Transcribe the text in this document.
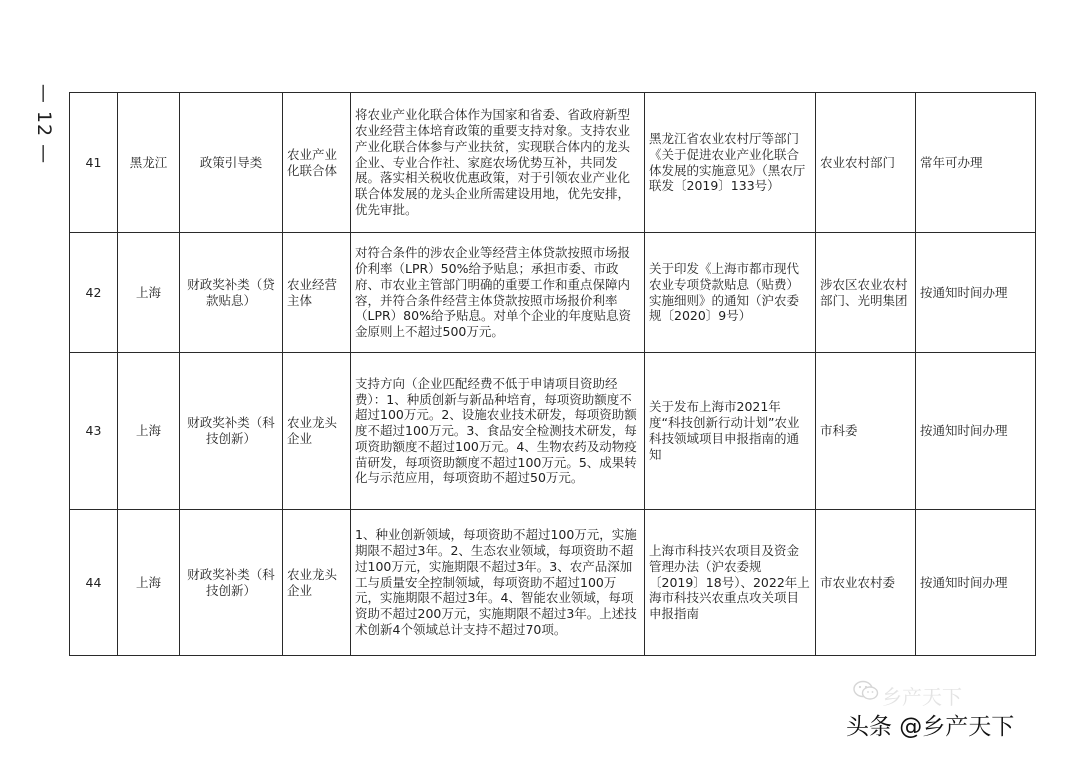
— 12 —	41	黑龙江	政策引导类	农业产业化联合体	将农业产业化联合体作为国家和省委、省政府新型农业经营主体培育政策的重要支持对象。支持农业产业化联合体参与产业扶贫，实现联合体内的龙头企业、专业合作社、家庭农场优势互补，共同发展。落实相关税收优惠政策，对于引领农业产业化联合体发展的龙头企业所需建设用地，优先安排，优先审批。	黑龙江省农业农村厅等部门《关于促进农业产业化联合体发展的实施意见》（黑农厅联发〔2019〕133号）	农业农村部门	常年可办理
42	上海	财政奖补类（贷款贴息）	农业经营主体	对符合条件的涉农企业等经营主体贷款按照市场报价利率（LPR）50%给予贴息；承担市委、市政府、市农业主管部门明确的重要工作和重点保障内容，并符合条件经营主体贷款按照市场报价利率（LPR）80%给予贴息。对单个企业的年度贴息资金原则上不超过500万元。	关于印发《上海市都市现代农业专项贷款贴息（贴费）实施细则》的通知（沪农委规〔2020〕9号）	涉农区农业农村部门、光明集团	按通知时间办理
43	上海	财政奖补类（科技创新）	农业龙头企业	支持方向（企业匹配经费不低于申请项目资助经费）：1、种质创新与新品种培育，每项资助额度不超过100万元。2、设施农业技术研发，每项资助额度不超过100万元。3、食品安全检测技术研发，每项资助额度不超过100万元。4、生物农药及动物疫苗研发，每项资助额度不超过100万元。5、成果转化与示范应用，每项资助不超过50万元。	关于发布上海市2021年度“科技创新行动计划”农业科技领域项目申报指南的通知	市科委	按通知时间办理
44	上海	财政奖补类（科技创新）	农业龙头企业	1、种业创新领域，每项资助不超过100万元，实施期限不超过3年。2、生态农业领域，每项资助不超过100万元，实施期限不超过3年。3、农产品深加工与质量安全控制领域，每项资助不超过100万元，实施期限不超过3年。4、智能农业领域，每项资助不超过200万元，实施期限不超过3年。上述技术创新4个领域总计支持不超过70项。	上海市科技兴农项目及资金管理办法（沪农委规〔2019〕18号）、2022年上海市科技兴农重点攻关项目申报指南	市农业农村委	按通知时间办理
乡产天下
头条 @乡产天下
